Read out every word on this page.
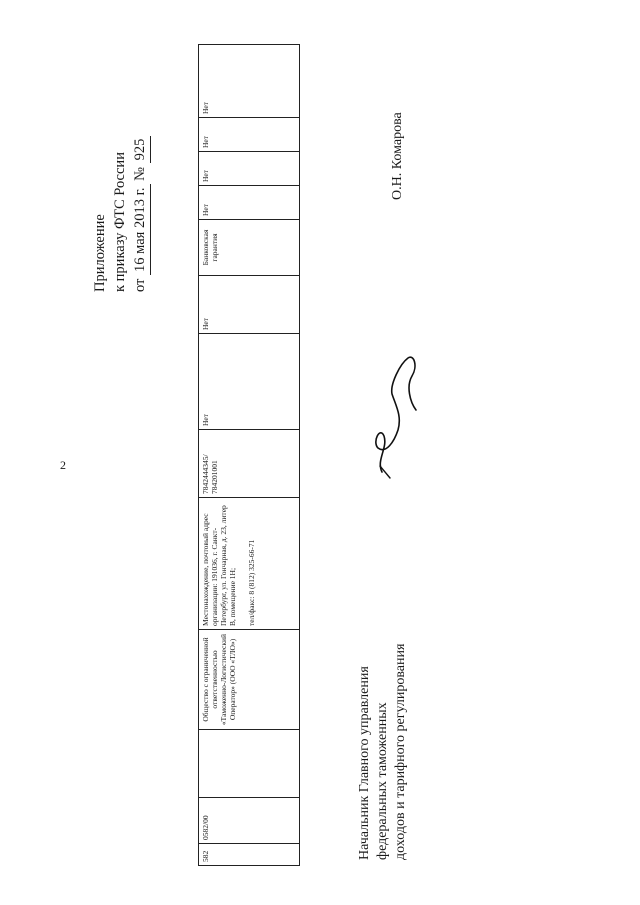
2
Приложение к приказу ФТС России от 16 мая 2013 г. № 925
582
0582/00
Общество с ограниченной ответственностью «Таможенно-Логистический Оператор» (ООО «ТЛО»)
Местонахождение, почтовый адрес организации: 191036, г. Санкт-Петербург, ул. Гончарная, д. 23, литер В, помещение 1Н; тел/факс: 8 (812) 325-66-71
7842444345/ 784201001
Нет
Нет
Банковская гарантия
Нет
Нет
Нет
Нет
Начальник Главного управления федеральных таможенных доходов и тарифного регулирования
О.Н. Комарова
